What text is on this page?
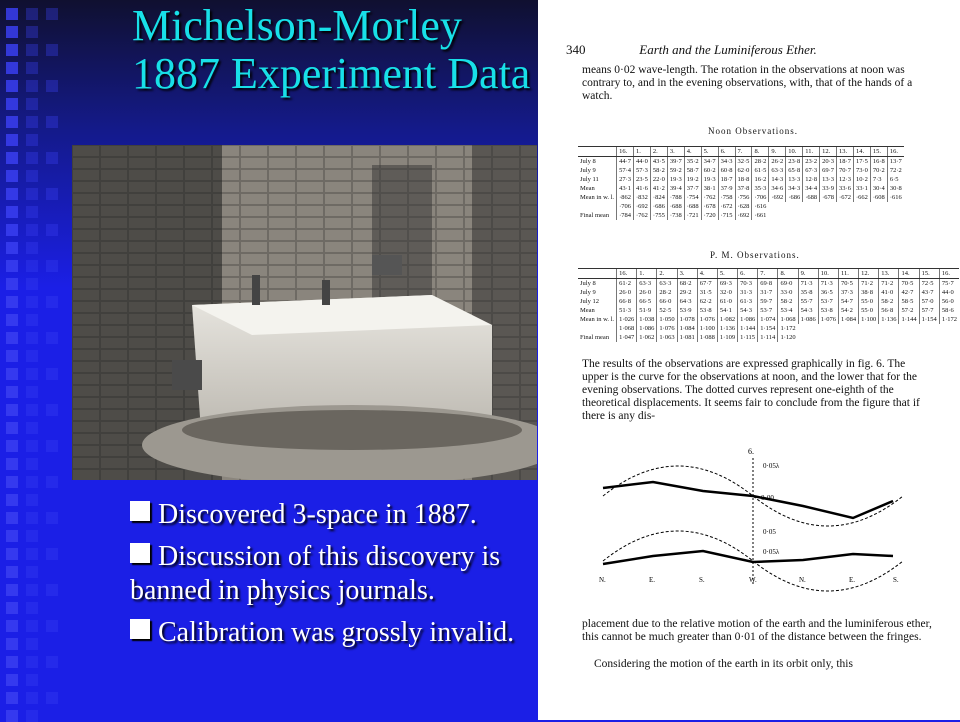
Michelson-Morley
1887 Experiment Data

Discovered 3-space in 1887.

Discussion of this discovery is banned in physics journals.

Calibration was grossly invalid.

340	Earth and the Luminiferous Ether.
means 0·02 wave-length. The rotation in the observations at noon was contrary to, and in the evening observations, with, that of the hands of a watch.
Noon Observations.
	16.	1.	2.	3.	4.	5.	6.	7.	8.	9.	10.	11.	12.	13.	14.	15.	16.
July 8	44·7	44·0	43·5	39·7	35·2	34·7	34·3	32·5	28·2	26·2	23·8	23·2	20·3	18·7	17·5	16·8	13·7
July 9	57·4	57·3	58·2	59·2	58·7	60·2	60·8	62·0	61·5	63·3	65·8	67·3	69·7	70·7	73·0	70·2	72·2
July 11	27·3	23·5	22·0	19·3	19·2	19·3	18·7	18·8	16·2	14·3	13·3	12·8	13·3	12·3	10·2	7·3	6·5
Mean	43·1	41·6	41·2	39·4	37·7	38·1	37·9	37·8	35·3	34·6	34·3	34·4	33·9	33·6	33·1	30·4	30·8
Mean in w. l.	·862	·832	·824	·788	·754	·762	·758	·756	·706	·692	·686	·688	·678	·672	·662	·608	·616
	·706	·692	·686	·688	·688	·678	·672	·628	·616								
Final mean	·784	·762	·755	·738	·721	·720	·715	·692	·661								
P. M. Observations.
	16.	1.	2.	3.	4.	5.	6.	7.	8.	9.	10.	11.	12.	13.	14.	15.	16.
July 8	61·2	63·3	63·3	68·2	67·7	69·3	70·3	69·8	69·0	71·3	71·3	70·5	71·2	71·2	70·5	72·5	75·7
July 9	26·0	26·0	28·2	29·2	31·5	32·0	31·3	31·7	33·0	35·8	36·5	37·3	38·8	41·0	42·7	43·7	44·0
July 12	66·8	66·5	66·0	64·3	62·2	61·0	61·3	59·7	58·2	55·7	53·7	54·7	55·0	58·2	58·5	57·0	56·0
Mean	51·3	51·9	52·5	53·9	53·8	54·1	54·3	53·7	53·4	54·3	53·8	54·2	55·0	56·8	57·2	57·7	58·6
Mean in w. l.	1·026	1·038	1·050	1·078	1·076	1·082	1·086	1·074	1·068	1·086	1·076	1·084	1·100	1·136	1·144	1·154	1·172
	1·068	1·086	1·076	1·084	1·100	1·136	1·144	1·154	1·172								
Final mean	1·047	1·062	1·063	1·081	1·088	1·109	1·115	1·114	1·120								
The results of the observations are expressed graphically in fig. 6. The upper is the curve for the observations at noon, and the lower that for the evening observations. The dotted curves represent one-eighth of the theoretical displacements. It seems fair to conclude from the figure that if there is any dis-
6.
0·05λ
0·00
0·05
0·05λ
N.	E.	S.	W.	N.	E.	S.
placement due to the relative motion of the earth and the luminiferous ether, this cannot be much greater than 0·01 of the distance between the fringes.
Considering the motion of the earth in its orbit only, this
